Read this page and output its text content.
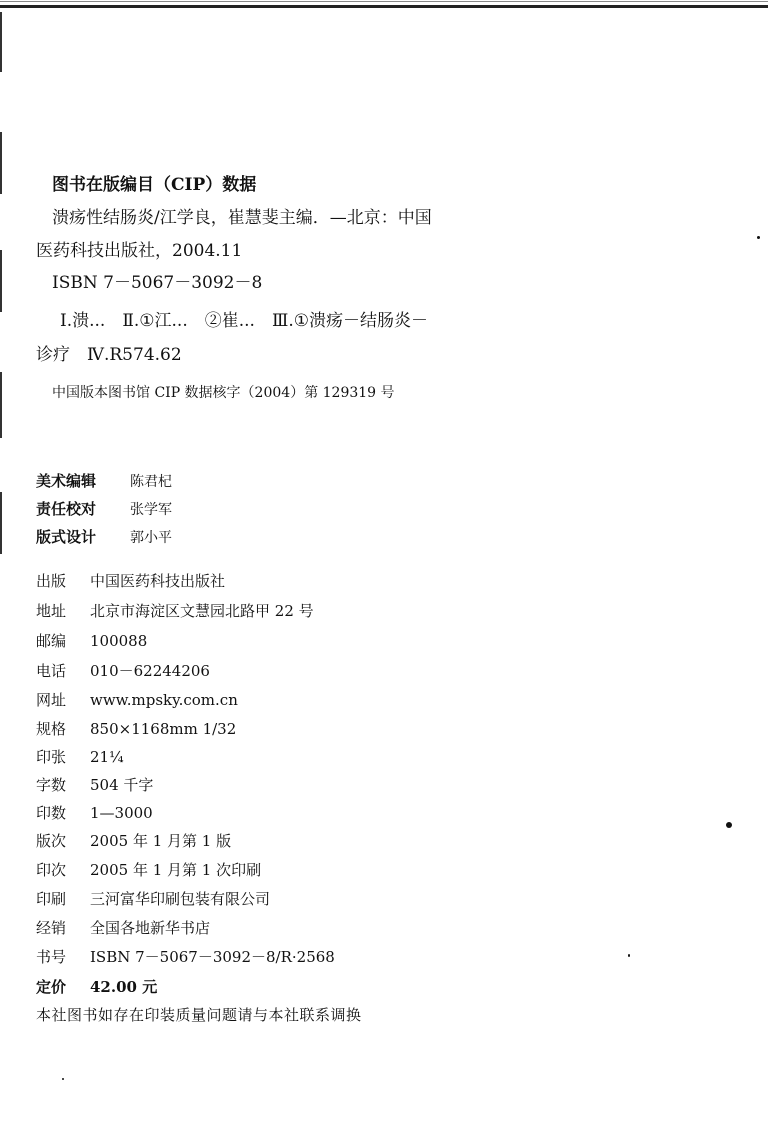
图书在版编目（CIP）数据
溃疡性结肠炎/江学良，崔慧斐主编．—北京：中国
医药科技出版社，2004.11
ISBN 7－5067－3092－8
Ⅰ.溃...　Ⅱ.①江...　②崔...　Ⅲ.①溃疡－结肠炎－
诊疗　Ⅳ.R574.62
中国版本图书馆 CIP 数据核字（2004）第 129319 号
美术编辑 陈君杞
责任校对 张学军
版式设计 郭小平
出版 中国医药科技出版社
地址 北京市海淀区文慧园北路甲 22 号
邮编 100088
电话 010－62244206
网址 www.mpsky.com.cn
规格 850×1168mm 1/32
印张 21¼
字数 504 千字
印数 1—3000
版次 2005 年 1 月第 1 版
印次 2005 年 1 月第 1 次印刷
印刷 三河富华印刷包装有限公司
经销 全国各地新华书店
书号 ISBN 7－5067－3092－8/R·2568
定价 42.00 元
本社图书如存在印装质量问题请与本社联系调换
